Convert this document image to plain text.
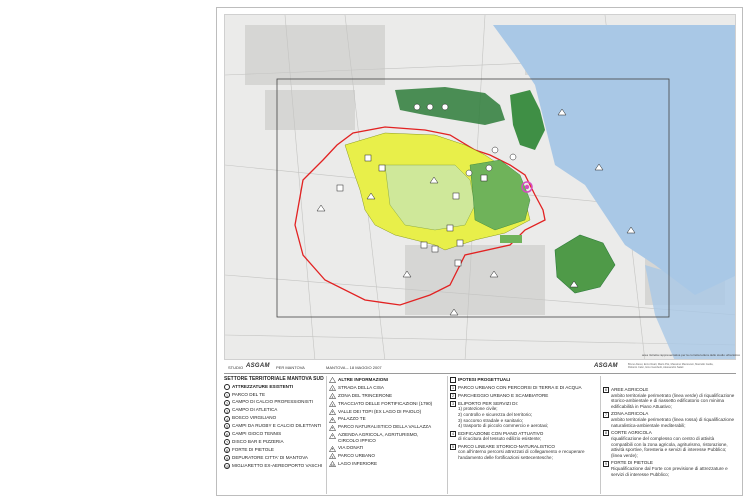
area ristretta rappresentativa per la corretta lettura dello studio urbanistico
STUDIO ASGAM PER MANTOVA	MANTOVA – 18 MAGGIO 2007	ASGAM	Bruno Alessi, Enzo Reali, Mario Pisi, Massimo Mantovani, Marcello Guida, Roberto Calvi, Gino Gambetti, Alessandro Salati
SETTORE TERRITORIALE MANTOVA SUD
ATTREZZATURE ESISTENTI
1 PARCO DEL TE
2 CAMPO DI CALCIO PROFESSIONISTI
3 CAMPO DI ATLETICA
4 BOSCO VIRGILIANO
5 CAMPI DA RUGBY E CALCIO DILETTANTI
6 CAMPI GIOCO TENNIS
7 DISCO BAR E PIZZERIA
8 FORTE DI PIETOLE
9 DEPURATORE CITTA' DI MANTOVA
10 MIGLIARETTO EX-AEREOPORTO VASCHI
ALTRE INFORMAZIONI
1	STRADA DELLA CISA
2	ZONA DEL TRINCERONE
3	TRACCIATO DELLE FORTIFICAZIONI (1790)
4	VALLE DEI TOPI (EX LAGO DI PAIOLO)
5	PALAZZO TE
6	PARCO NATURALISTICO DELLA VALLAZZA
7	AZIENDA AGRICOLA, AGRITURISMO,
CIRCOLO IPPICO
8	VIA DONATI
9	PARCO URBANO
10 LAGO INFERIORE
IPOTESI PROGETTUALI
1 PARCO URBANO CON PERCORSI DI TERRA E DI ACQUA
2 PARCHEGGIO URBANO E SCAMBIATORE
3 ELIPORTO PER SERVIZI DI:
1) protezione civile;
2) controllo e sicurezza del territorio;
3) soccorso stradale e sanitario;
4) trasporto di piccolo commercio e aerotaxi;
4 EDIFICAZIONE CON PIANO ATTUATIVO
di ricucitura del tessuto edilizio esistente;
5 PARCO LINEARE STORICO-NATURALISTICO
con all'interno percorsi attrezzati di collegamento e recuperare
l'andamento delle fortificazioni settecentesche;
6 AREE AGRICOLE
ambito territoriale perimetrato (linea verde) di riqualificazione
storico-ambientale e di riassetto edificatorio con minima
edificabilità in Piano Attuativo;
7 ZONA AGRICOLA
ambito territoriale perimetrato (linea rossa) di riqualificazione
naturalistica-ambientale mediterabili;
8 CORTE AGRICOLA
riqualificazione del complesso con centro di attività
compatibili con la zona agricola, agriturismo, ristorazione,
attività sportive, foresteria e servizi di interesse Pubblico;
(linea verde);
9 FORTE DI PIETOLE
Riqualificazione dal Forte con previsione di attrezzature e
servizi di interesse Pubblico;
